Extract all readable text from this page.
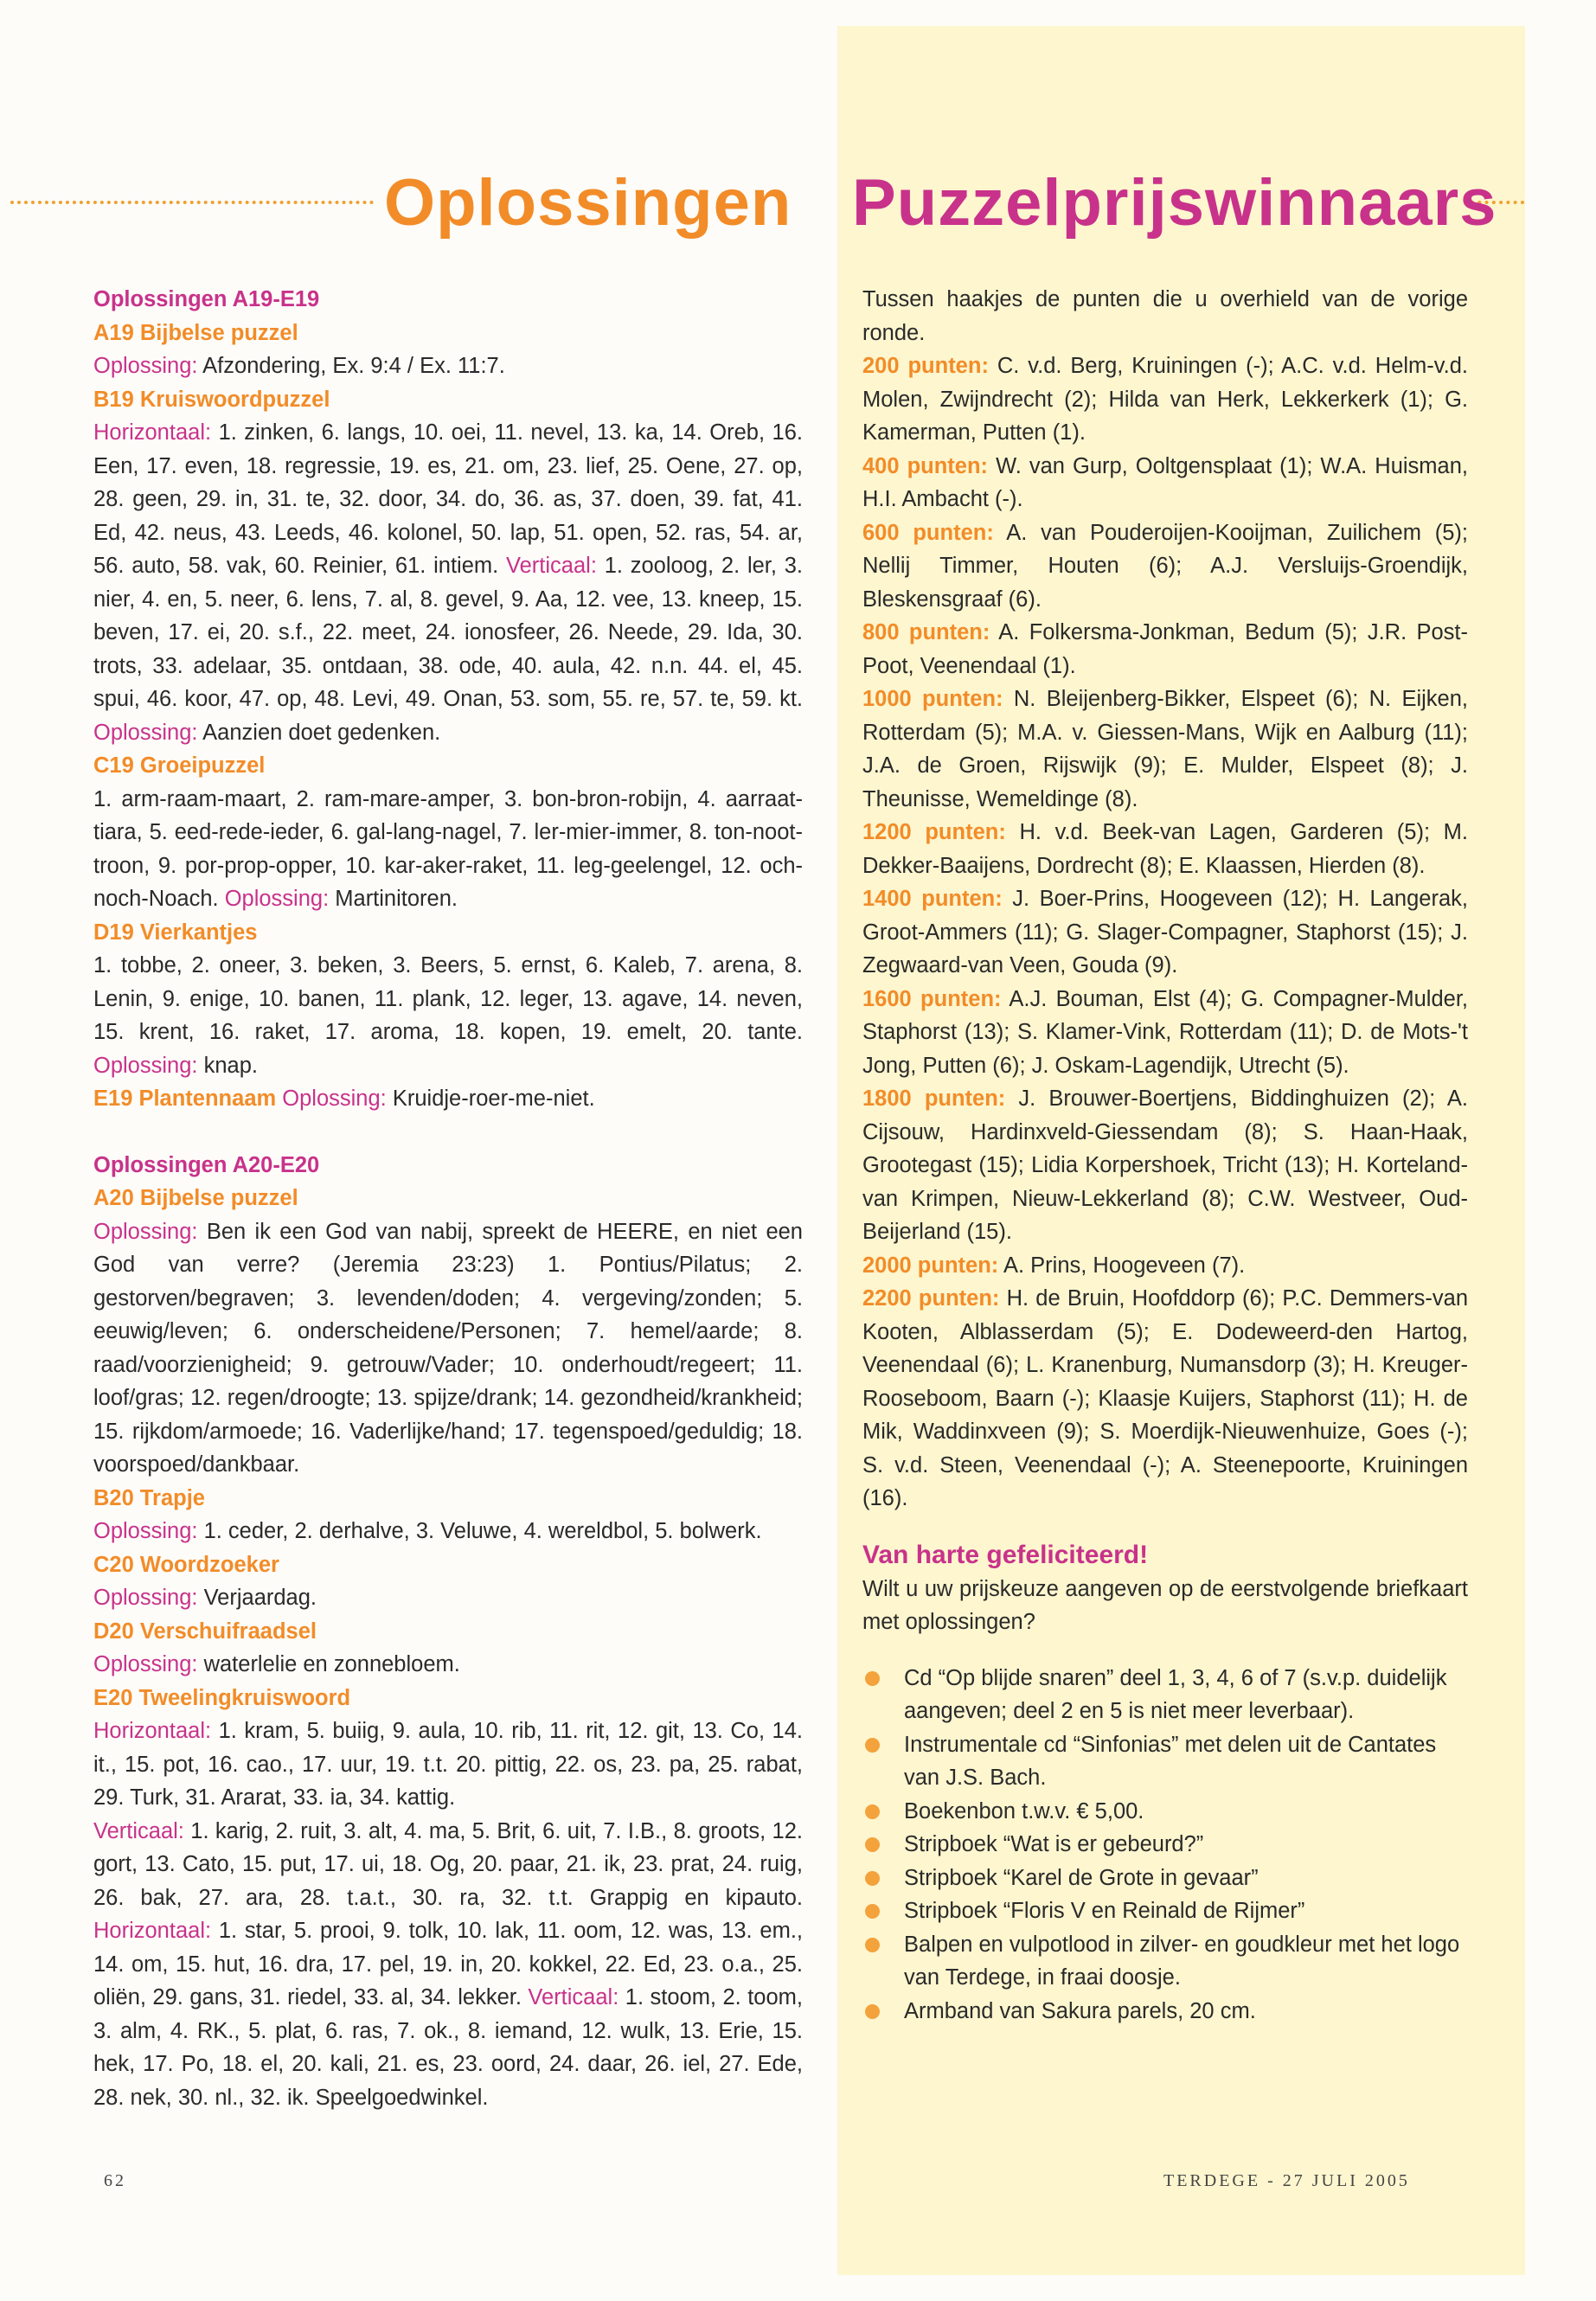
Oplossingen Puzzelprijswinnaars

Oplossingen A19-E19

A19 Bijbelse puzzel

Oplossing: Afzondering, Ex. 9:4 / Ex. 11:7.

B19 Kruiswoordpuzzel

Horizontaal: 1. zinken, 6. langs, 10. oei, 11. nevel, 13. ka, 14. Oreb, 16. Een, 17. even, 18. regressie, 19. es, 21. om, 23. lief, 25. Oene, 27. op, 28. geen, 29. in, 31. te, 32. door, 34. do, 36. as, 37. doen, 39. fat, 41. Ed, 42. neus, 43. Leeds, 46. kolonel, 50. lap, 51. open, 52. ras, 54. ar, 56. auto, 58. vak, 60. Reinier, 61. intiem. Verticaal: 1. zooloog, 2. ler, 3. nier, 4. en, 5. neer, 6. lens, 7. al, 8. gevel, 9. Aa, 12. vee, 13. kneep, 15. beven, 17. ei, 20. s.f., 22. meet, 24. ionosfeer, 26. Neede, 29. Ida, 30. trots, 33. adelaar, 35. ontdaan, 38. ode, 40. aula, 42. n.n. 44. el, 45. spui, 46. koor, 47. op, 48. Levi, 49. Onan, 53. som, 55. re, 57. te, 59. kt. Oplossing: Aanzien doet gedenken.

C19 Groeipuzzel

1. arm-raam-maart, 2. ram-mare-amper, 3. bon-bron-robijn, 4. aarraat-tiara, 5. eed-rede-ieder, 6. gal-lang-nagel, 7. ler-mier-immer, 8. ton-noot-troon, 9. por-prop-opper, 10. kar-aker-raket, 11. leg-geelengel, 12. och-noch-Noach. Oplossing: Martinitoren.

D19 Vierkantjes

1. tobbe, 2. oneer, 3. beken, 3. Beers, 5. ernst, 6. Kaleb, 7. arena, 8. Lenin, 9. enige, 10. banen, 11. plank, 12. leger, 13. agave, 14. neven, 15. krent, 16. raket, 17. aroma, 18. kopen, 19. emelt, 20. tante. Oplossing: knap.

E19 Plantennaam Oplossing: Kruidje-roer-me-niet.

Oplossingen A20-E20

A20 Bijbelse puzzel

Oplossing: Ben ik een God van nabij, spreekt de HEERE, en niet een God van verre? (Jeremia 23:23) 1. Pontius/Pilatus; 2. gestorven/begraven; 3. levenden/doden; 4. vergeving/zonden; 5. eeuwig/leven; 6. onderscheidene/Personen; 7. hemel/aarde; 8. raad/voorzienigheid; 9. getrouw/Vader; 10. onderhoudt/regeert; 11. loof/gras; 12. regen/droogte; 13. spijze/drank; 14. gezondheid/krankheid; 15. rijkdom/armoede; 16. Vaderlijke/hand; 17. tegenspoed/geduldig; 18. voorspoed/dankbaar.

B20 Trapje

Oplossing: 1. ceder, 2. derhalve, 3. Veluwe, 4. wereldbol, 5. bolwerk.

C20 Woordzoeker

Oplossing: Verjaardag.

D20 Verschuifraadsel

Oplossing: waterlelie en zonnebloem.

E20 Tweelingkruiswoord

Horizontaal: 1. kram, 5. buiig, 9. aula, 10. rib, 11. rit, 12. git, 13. Co, 14. it., 15. pot, 16. cao., 17. uur, 19. t.t. 20. pittig, 22. os, 23. pa, 25. rabat, 29. Turk, 31. Ararat, 33. ia, 34. kattig.

Verticaal: 1. karig, 2. ruit, 3. alt, 4. ma, 5. Brit, 6. uit, 7. I.B., 8. groots, 12. gort, 13. Cato, 15. put, 17. ui, 18. Og, 20. paar, 21. ik, 23. prat, 24. ruig, 26. bak, 27. ara, 28. t.a.t., 30. ra, 32. t.t. Grappig en kipauto. Horizontaal: 1. star, 5. prooi, 9. tolk, 10. lak, 11. oom, 12. was, 13. em., 14. om, 15. hut, 16. dra, 17. pel, 19. in, 20. kokkel, 22. Ed, 23. o.a., 25. oliën, 29. gans, 31. riedel, 33. al, 34. lekker. Verticaal: 1. stoom, 2. toom, 3. alm, 4. RK., 5. plat, 6. ras, 7. ok., 8. iemand, 12. wulk, 13. Erie, 15. hek, 17. Po, 18. el, 20. kali, 21. es, 23. oord, 24. daar, 26. iel, 27. Ede, 28. nek, 30. nl., 32. ik. Speelgoedwinkel.

Tussen haakjes de punten die u overhield van de vorige ronde.

200 punten: C. v.d. Berg, Kruiningen (-); A.C. v.d. Helm-v.d. Molen, Zwijndrecht (2); Hilda van Herk, Lekkerkerk (1); G. Kamerman, Putten (1).

400 punten: W. van Gurp, Ooltgensplaat (1); W.A. Huisman, H.I. Ambacht (-).

600 punten: A. van Pouderoijen-Kooijman, Zuilichem (5); Nellij Timmer, Houten (6); A.J. Versluijs-Groendijk, Bleskensgraaf (6).

800 punten: A. Folkersma-Jonkman, Bedum (5); J.R. Post-Poot, Veenendaal (1).

1000 punten: N. Bleijenberg-Bikker, Elspeet (6); N. Eijken, Rotterdam (5); M.A. v. Giessen-Mans, Wijk en Aalburg (11); J.A. de Groen, Rijswijk (9); E. Mulder, Elspeet (8); J. Theunisse, Wemeldinge (8).

1200 punten: H. v.d. Beek-van Lagen, Garderen (5); M. Dekker-Baaijens, Dordrecht (8); E. Klaassen, Hierden (8).

1400 punten: J. Boer-Prins, Hoogeveen (12); H. Langerak, Groot-Ammers (11); G. Slager-Compagner, Staphorst (15); J. Zegwaard-van Veen, Gouda (9).

1600 punten: A.J. Bouman, Elst (4); G. Compagner-Mulder, Staphorst (13); S. Klamer-Vink, Rotterdam (11); D. de Mots-'t Jong, Putten (6); J. Oskam-Lagendijk, Utrecht (5).

1800 punten: J. Brouwer-Boertjens, Biddinghuizen (2); A. Cijsouw, Hardinxveld-Giessendam (8); S. Haan-Haak, Grootegast (15); Lidia Korpershoek, Tricht (13); H. Korteland-van Krimpen, Nieuw-Lekkerland (8); C.W. Westveer, Oud-Beijerland (15).

2000 punten: A. Prins, Hoogeveen (7).

2200 punten: H. de Bruin, Hoofddorp (6); P.C. Demmers-van Kooten, Alblasserdam (5); E. Dodeweerd-den Hartog, Veenendaal (6); L. Kranenburg, Numansdorp (3); H. Kreuger-Rooseboom, Baarn (-); Klaasje Kuijers, Staphorst (11); H. de Mik, Waddinxveen (9); S. Moerdijk-Nieuwenhuize, Goes (-); S. v.d. Steen, Veenendaal (-); A. Steenepoorte, Kruiningen (16).

Van harte gefeliciteerd!

Wilt u uw prijskeuze aangeven op de eerstvolgende briefkaart met oplossingen?

Cd “Op blijde snaren” deel 1, 3, 4, 6 of 7 (s.v.p. duidelijk aangeven; deel 2 en 5 is niet meer leverbaar).
Instrumentale cd “Sinfonias” met delen uit de Cantates van J.S. Bach.
Boekenbon t.w.v. € 5,00.
Stripboek “Wat is er gebeurd?”
Stripboek “Karel de Grote in gevaar”
Stripboek “Floris V en Reinald de Rijmer”
Balpen en vulpotlood in zilver- en goudkleur met het logo van Terdege, in fraai doosje.
Armband van Sakura parels, 20 cm.
62	TERDEGE - 27 JULI 2005
